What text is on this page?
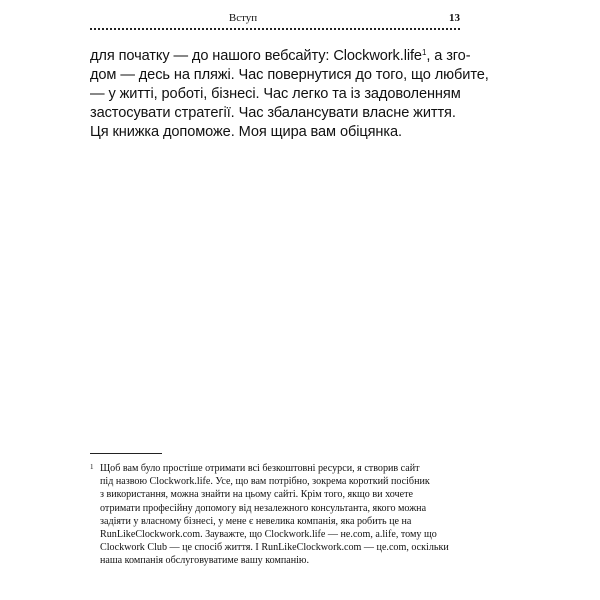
Вступ	13
для початку — до нашого вебсайту: Clockwork.life$^1$, а зго-
дом — десь на пляжі. Час повернутися до того, що любите,
— у житті, роботі, бізнесі. Час легко та із задоволенням
застосувати стратегії. Час збалансувати власне життя.
Ця книжка допоможе. Моя щира вам обіцянка.
1 Щоб вам було простіше отримати всі безкоштовні ресурси, я створив сайт
під назвою Clockwork.life. Усе, що вам потрібно, зокрема короткий посібник
з використання, можна знайти на цьому сайті. Крім того, якщо ви хочете
отримати професійну допомогу від незалежного консультанта, якого можна
задіяти у власному бізнесі, у мене є невелика компанія, яка робить це на
RunLikeClockwork.com. Зауважте, що Clockwork.life — не.com, a.life, тому що
Clockwork Club — це спосіб життя. І RunLikeClockwork.com — це.com, оскільки
наша компанія обслуговуватиме вашу компанію.
